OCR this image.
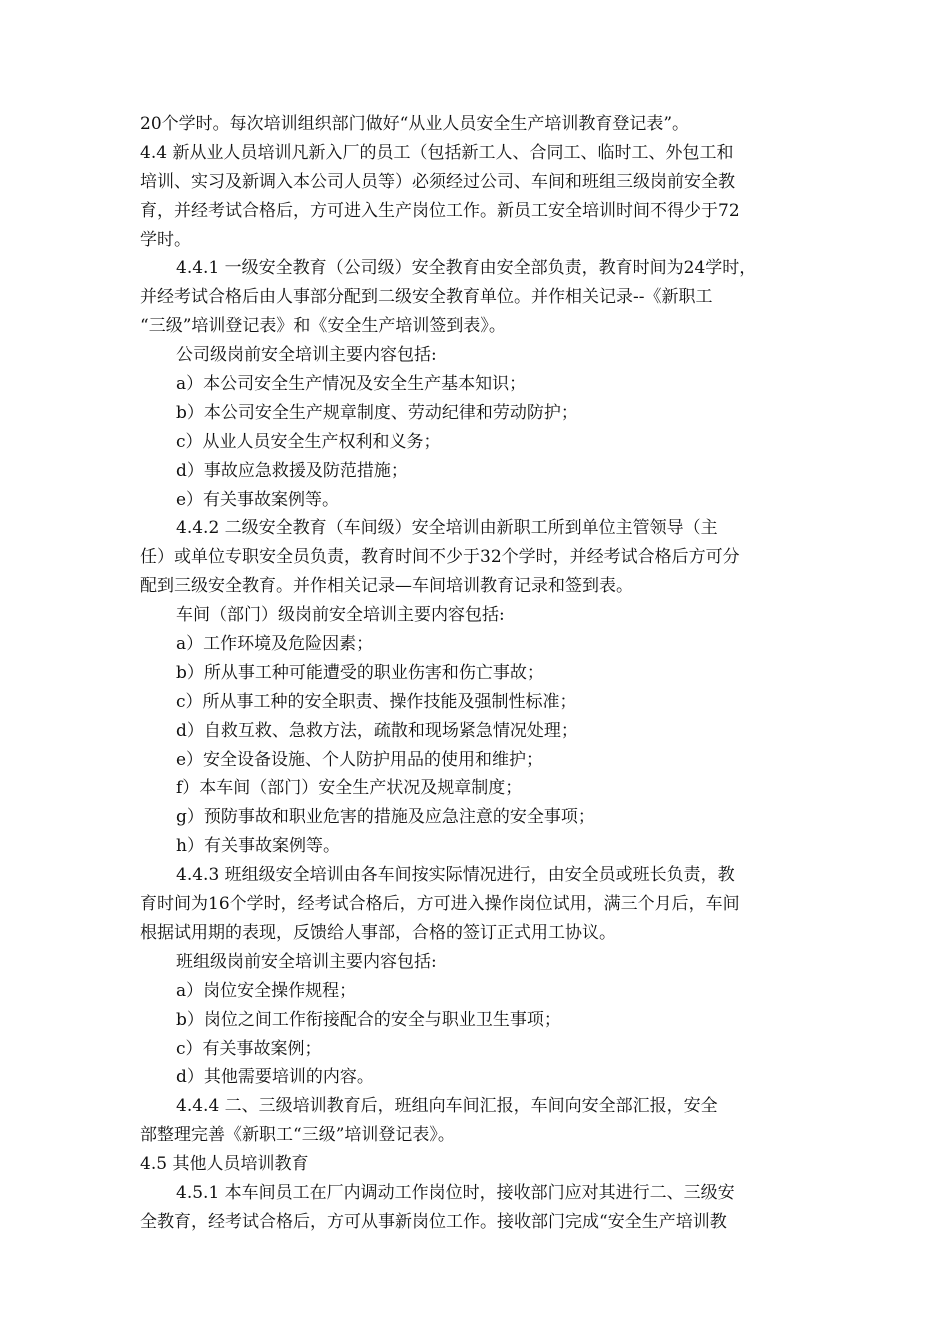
20个学时。每次培训组织部门做好“从业人员安全生产培训教育登记表”。
4.4 新从业人员培训凡新入厂的员工（包括新工人、合同工、临时工、外包工和
培训、实习及新调入本公司人员等）必须经过公司、车间和班组三级岗前安全教
育，并经考试合格后，方可进入生产岗位工作。新员工安全培训时间不得少于72
学时。
4.4.1 一级安全教育（公司级）安全教育由安全部负责，教育时间为24学时，
并经考试合格后由人事部分配到二级安全教育单位。并作相关记录--《新职工
“三级”培训登记表》和《安全生产培训签到表》。
公司级岗前安全培训主要内容包括:
a）本公司安全生产情况及安全生产基本知识；
b）本公司安全生产规章制度、劳动纪律和劳动防护；
c）从业人员安全生产权利和义务；
d）事故应急救援及防范措施；
e）有关事故案例等。
4.4.2 二级安全教育（车间级）安全培训由新职工所到单位主管领导（主
任）或单位专职安全员负责，教育时间不少于32个学时，并经考试合格后方可分
配到三级安全教育。并作相关记录—车间培训教育记录和签到表。
车间（部门）级岗前安全培训主要内容包括:
a）工作环境及危险因素；
b）所从事工种可能遭受的职业伤害和伤亡事故；
c）所从事工种的安全职责、操作技能及强制性标准；
d）自救互救、急救方法，疏散和现场紧急情况处理；
e）安全设备设施、个人防护用品的使用和维护；
f）本车间（部门）安全生产状况及规章制度；
g）预防事故和职业危害的措施及应急注意的安全事项；
h）有关事故案例等。
4.4.3 班组级安全培训由各车间按实际情况进行，由安全员或班长负责，教
育时间为16个学时，经考试合格后，方可进入操作岗位试用，满三个月后，车间
根据试用期的表现，反馈给人事部，合格的签订正式用工协议。
班组级岗前安全培训主要内容包括:
a）岗位安全操作规程；
b）岗位之间工作衔接配合的安全与职业卫生事项；
c）有关事故案例；
d）其他需要培训的内容。
4.4.4 二、三级培训教育后，班组向车间汇报，车间向安全部汇报，安全
部整理完善《新职工“三级”培训登记表》。
4.5 其他人员培训教育
4.5.1 本车间员工在厂内调动工作岗位时，接收部门应对其进行二、三级安
全教育，经考试合格后，方可从事新岗位工作。接收部门完成“安全生产培训教
